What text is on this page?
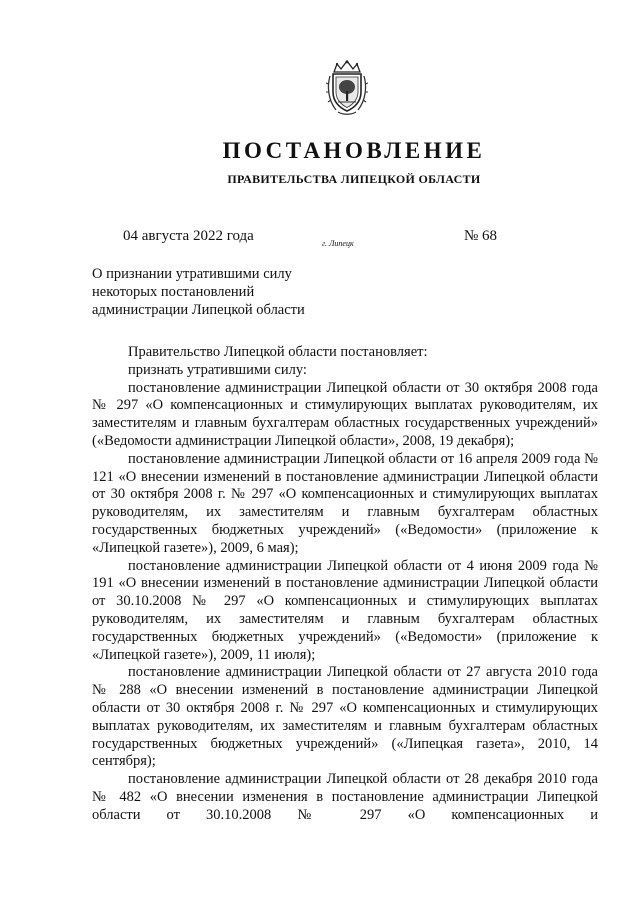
ПОСТАНОВЛЕНИЕ
ПРАВИТЕЛЬСТВА ЛИПЕЦКОЙ ОБЛАСТИ
04 августа 2022 года	г. Липецк	№ 68
О признании утратившими силу
некоторых постановлений
администрации Липецкой области

Правительство Липецкой области постановляет:

признать утратившими силу:

постановление администрации Липецкой области от 30 октября 2008 года № 297 «О компенсационных и стимулирующих выплатах руководителям, их заместителям и главным бухгалтерам областных государственных учреждений» («Ведомости администрации Липецкой области», 2008, 19 декабря);

постановление администрации Липецкой области от 16 апреля 2009 года № 121 «О внесении изменений в постановление администрации Липецкой области от 30 октября 2008 г. № 297 «О компенсационных и стимулирующих выплатах руководителям, их заместителям и главным бухгалтерам областных государственных бюджетных учреждений» («Ведомости» (приложение к «Липецкой газете»), 2009, 6 мая);

постановление администрации Липецкой области от 4 июня 2009 года № 191 «О внесении изменений в постановление администрации Липецкой области от 30.10.2008 № 297 «О компенсационных и стимулирующих выплатах руководителям, их заместителям и главным бухгалтерам областных государственных бюджетных учреждений» («Ведомости» (приложение к «Липецкой газете»), 2009, 11 июля);

постановление администрации Липецкой области от 27 августа 2010 года № 288 «О внесении изменений в постановление администрации Липецкой области от 30 октября 2008 г. № 297 «О компенсационных и стимулирующих выплатах руководителям, их заместителям и главным бухгалтерам областных государственных бюджетных учреждений» («Липецкая газета», 2010, 14 сентября);

постановление администрации Липецкой области от 28 декабря 2010 года № 482 «О внесении изменения в постановление администрации Липецкой области от 30.10.2008 № 297 «О компенсационных и
